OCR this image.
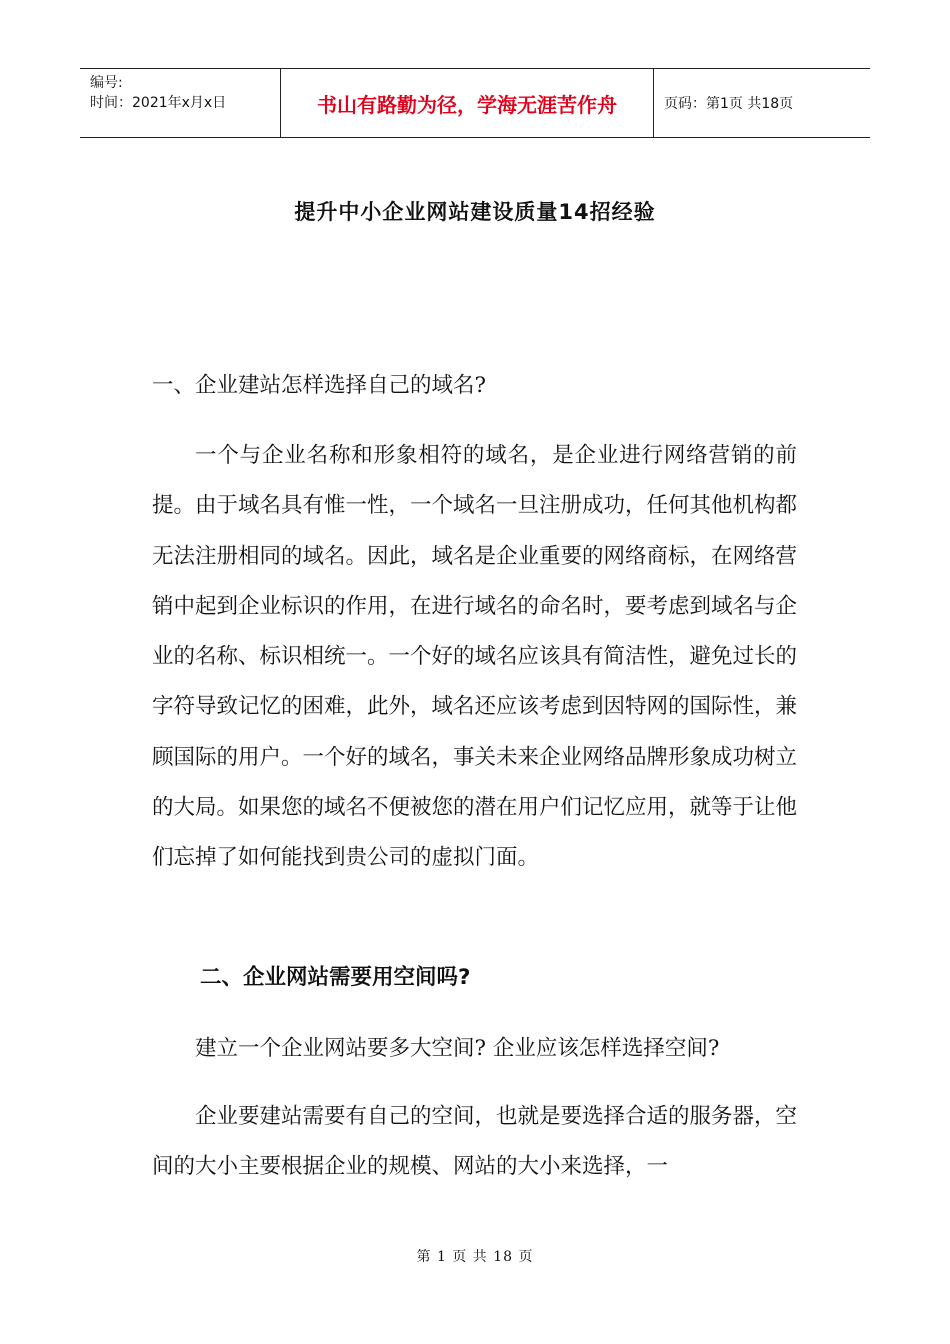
编号:
时间：2021年x月x日	书山有路勤为径，学海无涯苦作舟	页码：第1页 共18页
提升中小企业网站建设质量14招经验
一、企业建站怎样选择自己的域名?
一个与企业名称和形象相符的域名，是企业进行网络营销的前提。由于域名具有惟一性，一个域名一旦注册成功，任何其他机构都无法注册相同的域名。因此，域名是企业重要的网络商标，在网络营销中起到企业标识的作用，在进行域名的命名时，要考虑到域名与企业的名称、标识相统一。一个好的域名应该具有简洁性，避免过长的字符导致记忆的困难，此外，域名还应该考虑到因特网的国际性，兼顾国际的用户。一个好的域名，事关未来企业网络品牌形象成功树立的大局。如果您的域名不便被您的潜在用户们记忆应用，就等于让他们忘掉了如何能找到贵公司的虚拟门面。
二、企业网站需要用空间吗?
建立一个企业网站要多大空间? 企业应该怎样选择空间?
企业要建站需要有自己的空间，也就是要选择合适的服务器，空间的大小主要根据企业的规模、网站的大小来选择，一
第 1 页 共 18 页
